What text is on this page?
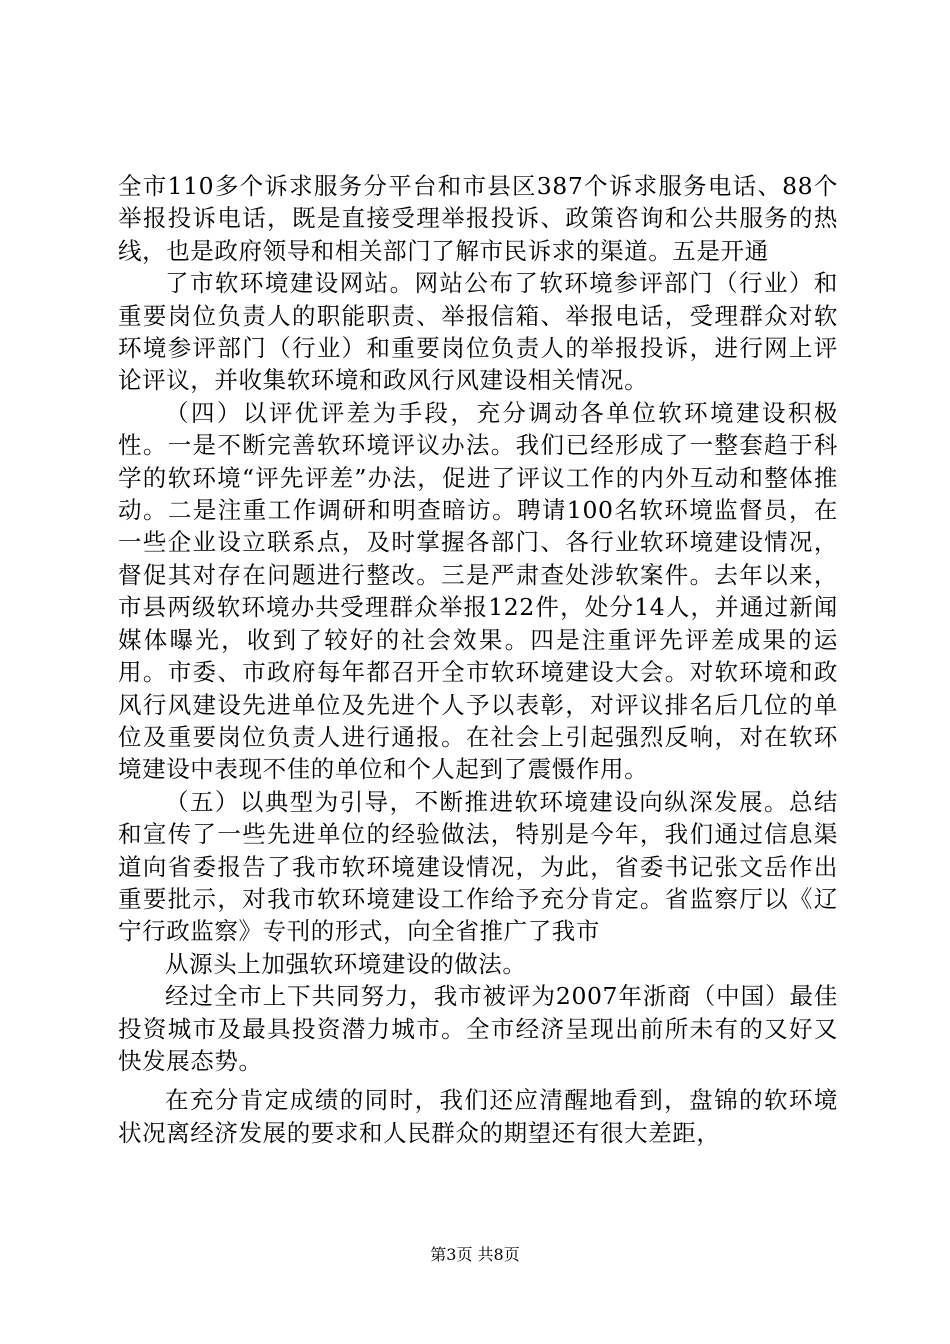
全市110多个诉求服务分平台和市县区387个诉求服务电话、88个举报投诉电话，既是直接受理举报投诉、政策咨询和公共服务的热线，也是政府领导和相关部门了解市民诉求的渠道。五是开通

了市软环境建设网站。网站公布了软环境参评部门（行业）和重要岗位负责人的职能职责、举报信箱、举报电话，受理群众对软环境参评部门（行业）和重要岗位负责人的举报投诉，进行网上评论评议，并收集软环境和政风行风建设相关情况。

（四）以评优评差为手段，充分调动各单位软环境建设积极性。一是不断完善软环境评议办法。我们已经形成了一整套趋于科学的软环境“评先评差”办法，促进了评议工作的内外互动和整体推动。二是注重工作调研和明查暗访。聘请100名软环境监督员，在一些企业设立联系点，及时掌握各部门、各行业软环境建设情况，督促其对存在问题进行整改。三是严肃查处涉软案件。去年以来，市县两级软环境办共受理群众举报122件，处分14人，并通过新闻媒体曝光，收到了较好的社会效果。四是注重评先评差成果的运用。市委、市政府每年都召开全市软环境建设大会。对软环境和政风行风建设先进单位及先进个人予以表彰，对评议排名后几位的单位及重要岗位负责人进行通报。在社会上引起强烈反响，对在软环境建设中表现不佳的单位和个人起到了震慑作用。

（五）以典型为引导，不断推进软环境建设向纵深发展。总结和宣传了一些先进单位的经验做法，特别是今年，我们通过信息渠道向省委报告了我市软环境建设情况，为此，省委书记张文岳作出重要批示，对我市软环境建设工作给予充分肯定。省监察厅以《辽宁行政监察》专刊的形式，向全省推广了我市

从源头上加强软环境建设的做法。

经过全市上下共同努力，我市被评为2007年浙商（中国）最佳投资城市及最具投资潜力城市。全市经济呈现出前所未有的又好又快发展态势。

在充分肯定成绩的同时，我们还应清醒地看到，盘锦的软环境状况离经济发展的要求和人民群众的期望还有很大差距，

第3页 共8页
